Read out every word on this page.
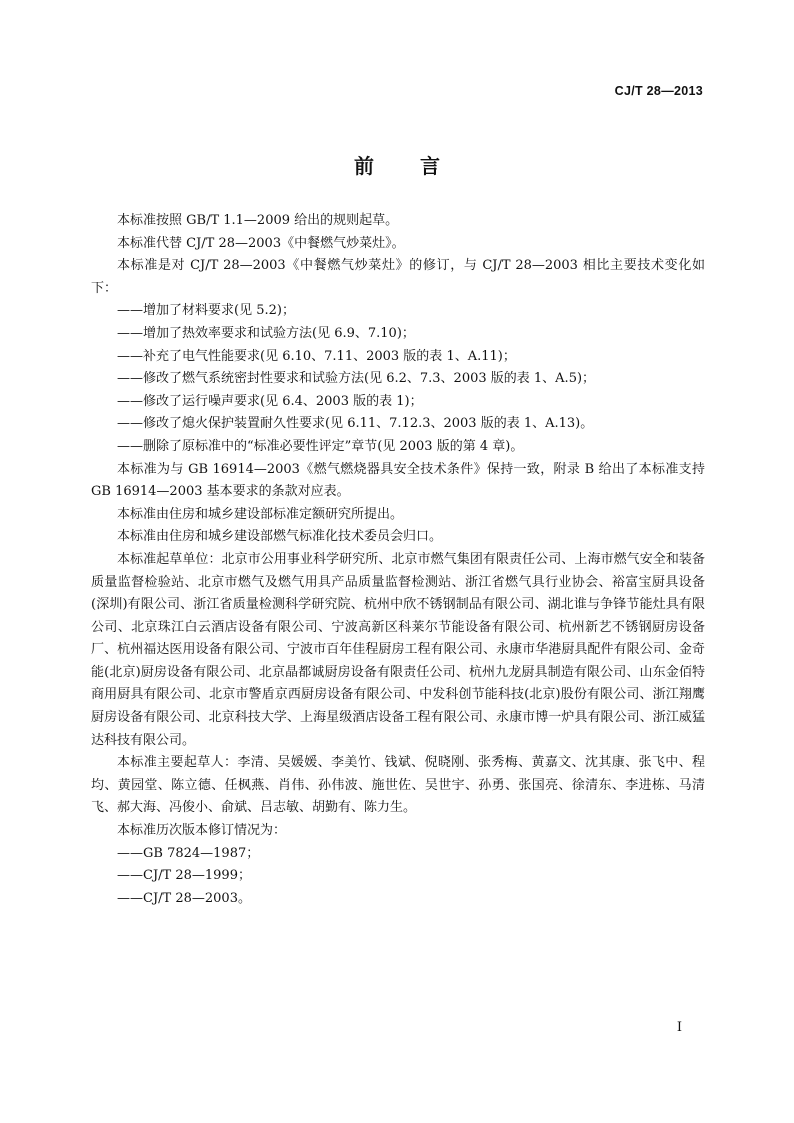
CJ/T 28—2013
前言

本标准按照 GB/T 1.1—2009 给出的规则起草。

本标准代替 CJ/T 28—2003《中餐燃气炒菜灶》。

本标准是对 CJ/T 28—2003《中餐燃气炒菜灶》的修订，与 CJ/T 28—2003 相比主要技术变化如下：

——增加了材料要求(见 5.2)；

——增加了热效率要求和试验方法(见 6.9、7.10)；

——补充了电气性能要求(见 6.10、7.11、2003 版的表 1、A.11)；

——修改了燃气系统密封性要求和试验方法(见 6.2、7.3、2003 版的表 1、A.5)；

——修改了运行噪声要求(见 6.4、2003 版的表 1)；

——修改了熄火保护装置耐久性要求(见 6.11、7.12.3、2003 版的表 1、A.13)。

——删除了原标准中的“标准必要性评定”章节(见 2003 版的第 4 章)。

本标准为与 GB 16914—2003《燃气燃烧器具安全技术条件》保持一致，附录 B 给出了本标准支持 GB 16914—2003 基本要求的条款对应表。

本标准由住房和城乡建设部标准定额研究所提出。

本标准由住房和城乡建设部燃气标准化技术委员会归口。

本标准起草单位：北京市公用事业科学研究所、北京市燃气集团有限责任公司、上海市燃气安全和装备质量监督检验站、北京市燃气及燃气用具产品质量监督检测站、浙江省燃气具行业协会、裕富宝厨具设备(深圳)有限公司、浙江省质量检测科学研究院、杭州中欣不锈钢制品有限公司、湖北谁与争锋节能灶具有限公司、北京珠江白云酒店设备有限公司、宁波高新区科莱尔节能设备有限公司、杭州新艺不锈钢厨房设备厂、杭州福达医用设备有限公司、宁波市百年佳程厨房工程有限公司、永康市华港厨具配件有限公司、金奇能(北京)厨房设备有限公司、北京晶都诚厨房设备有限责任公司、杭州九龙厨具制造有限公司、山东金佰特商用厨具有限公司、北京市警盾京西厨房设备有限公司、中发科创节能科技(北京)股份有限公司、浙江翔鹰厨房设备有限公司、北京科技大学、上海星级酒店设备工程有限公司、永康市博一炉具有限公司、浙江威猛达科技有限公司。

本标准主要起草人：李清、吴媛媛、李美竹、钱斌、倪晓刚、张秀梅、黄嘉文、沈其康、张飞中、程均、黄园堂、陈立德、任枫燕、肖伟、孙伟波、施世佐、吴世宇、孙勇、张国亮、徐清东、李进栋、马清飞、郝大海、冯俊小、俞斌、吕志敏、胡勤有、陈力生。

本标准历次版本修订情况为：

——GB 7824—1987；

——CJ/T 28—1999；

——CJ/T 28—2003。

I
